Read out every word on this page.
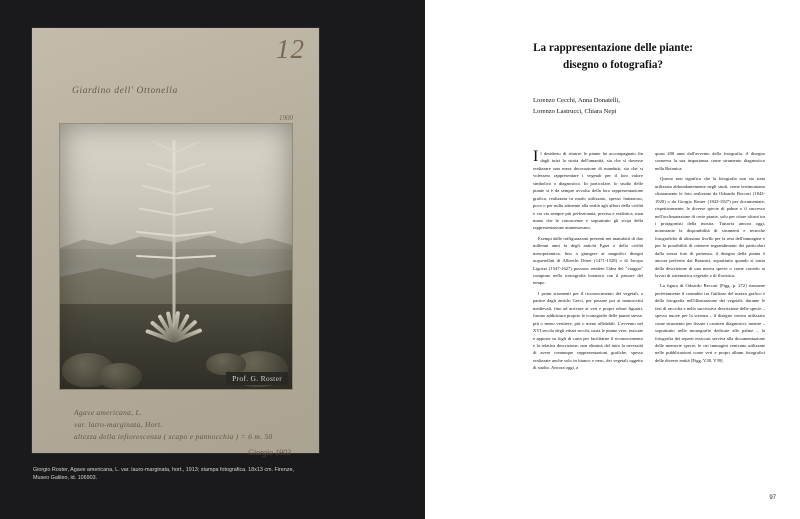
12
Giardino dell' Ottonella
1900
Prof. G. Roster
Agave americana, L.
var. latro-marginata, Hort.
altezza della infiorescenza ( scapo e pannocchia ) = 6 m. 50
Giorgio 1903
Giorgio Roster, Agave americana, L. var. lauro-marginata, hort., 1913; stampa fotografica. 18x13 cm. Firenze, Museo Galileo, id. 106903.
La rappresentazione delle piante:
disegno o fotografia?
Lorenzo Cecchi, Anna Donatelli,
Lorenzo Lastrucci, Chiara Nepi

Il desiderio di ritrarre le piante ha accompagnato fin dagli inizi la storia dell'umanità, sia che si dovesse realizzare una mera decorazione di mandatti, sia che si volessero rappresentare i vegetali per il loro valore simbolico o diagnostico. In particolare, lo studio delle piante si è da sempre avvalso della loro rappresentazione grafica, realizzata in modo utilizzato, spesso fantasioso, poco o per nulla attinente alla realtà agli albori della civiltà e via via sempre più perfezionata, precisa e realistica, man mano che le conoscenze e soprattutto gli scopi della rappresentazione aumentavano.

Esempi dalle raffigurazioni presenti nei manufatti di due millenni anni fa degli antichi Egizi o della civiltà mesopotamica, fino a giungere ai magnifici disegni acquerellati di Albrecht Dürer (1471-1528) o di Jacopo Ligozzi (1547-1627) possono rendere l'idea del "viaggio" compiuto nella iconografia botanica con il passare del tempo.

I primi strumenti per il riconoscimento dei vegetali, a partire dagli antichi Greci, per passare poi ai manoscritti medievali, fino ad arrivare ai veri e propri erbari figurati, furono addirittura proprio le iconografie delle piante stesse, più o meno veritiere, più o meno affidabili. L'avvento nel XVI secolo degli erbari secchi, ossia le piante vere, essicate e apposte su fogli di carta per facilitarne il riconoscimento e la relativa descrizione, non eliminò del tutto la necessità di avere comunque rappresentazioni grafiche, spesso realizzate anche solo in bianco e nero, dei vegetali oggetto di studio. Ancora oggi, a

quasi 200 anni dall'avvento della fotografia, il disegno conserva la sua importanza come strumento diagnostico nella Botanica.

Questo non significa che la fotografia non sia stata utilizzata abbondantemente negli studi, come testimoniano chiaramente le foto realizzate da Odoardo Beccari (1843-1920) o da Giorgio Roster (1843-1927) per documentare, rispettivamente, le diverse specie di palme o il successo nell'acclimatazione di certe piante, solo per citare alcuni tra i protagonisti della mostra. Tuttavia ancora oggi, nonostante la disponibilità di strumenti e tecniche fotografiche di altissimo livello per la resa dell'immagine e per la possibilità di ottenere ingrandimenti dei particolari dalla stessa foto di partenza, il disegno della pianta è ancora preferito dai Botanici, soprattutto quando si tratta della descrizione di una nuova specie o come corredo ai lavori di sistematica vegetale o di floristica.

La figura di Odoardo Beccari [Figg. p. 272] riassume perfettamente il connubio tra l'utilizzo del mezzo grafico e della fotografia nell'illustrazione dei vegetali: durante le fasi di raccolta e nella successiva descrizione delle specie – spesso nuove per la scienza – il disegno veniva utilizzato come strumento per fissare i caratteri diagnostici, mentre – soprattutto nelle monografie dedicate alle palme – la fotografia dei reperti essiccati serviva alla documentazione delle memorie specie, le cui immagini venivano utilizzate nelle pubblicazioni come veri e propri album fotografici delle diverse entità [Figg. V38, V39].

97
